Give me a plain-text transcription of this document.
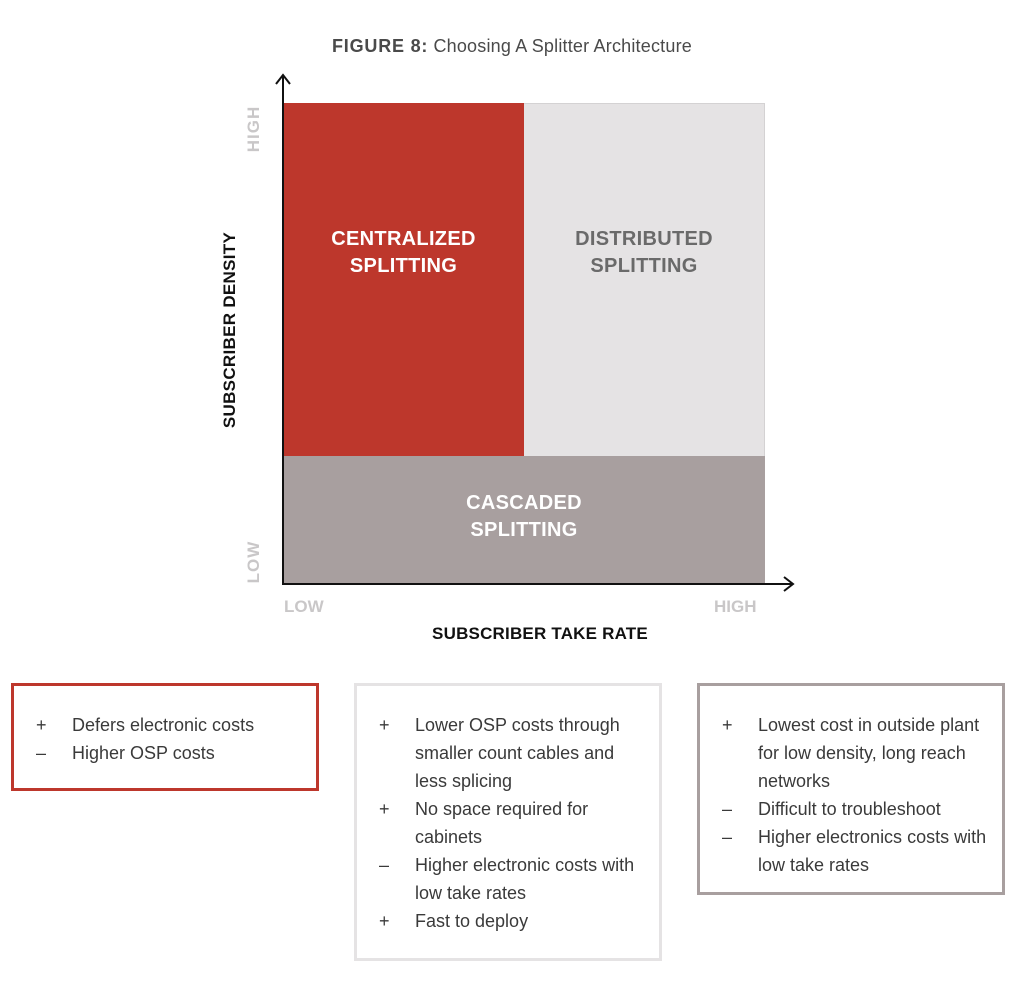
FIGURE 8: Choosing A Splitter Architecture
CENTRALIZED
SPLITTING
DISTRIBUTED
SPLITTING
CASCADED
SPLITTING
HIGH
LOW
SUBSCRIBER DENSITY
LOW	HIGH
SUBSCRIBER TAKE RATE
+	Defers electronic costs
–	Higher OSP costs
+	Lower OSP costs through smaller count cables and less splicing
+	No space required for cabinets
–	Higher electronic costs with low take rates
+	Fast to deploy
+	Lowest cost in outside plant for low density, long reach networks
–	Difficult to troubleshoot
–	Higher electronics costs with low take rates
